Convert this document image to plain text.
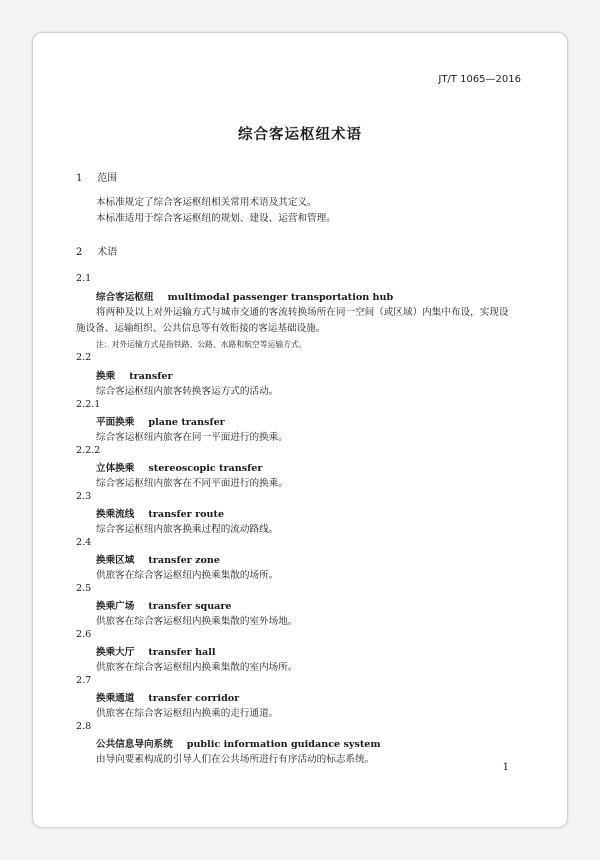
JT/T 1065—2016
综合客运枢纽术语
1 范围
本标准规定了综合客运枢纽相关常用术语及其定义。
本标准适用于综合客运枢纽的规划、建设、运营和管理。
2 术语
2.1
综合客运枢纽 multimodal passenger transportation hub
将两种及以上对外运输方式与城市交通的客流转换场所在同一空间（或区域）内集中布设，实现设
施设备、运输组织、公共信息等有效衔接的客运基础设施。
注：对外运输方式是指铁路、公路、水路和航空等运输方式。
2.2
换乘 transfer
综合客运枢纽内旅客转换客运方式的活动。
2.2.1
平面换乘 plane transfer
综合客运枢纽内旅客在同一平面进行的换乘。
2.2.2
立体换乘 stereoscopic transfer
综合客运枢纽内旅客在不同平面进行的换乘。
2.3
换乘流线 transfer route
综合客运枢纽内旅客换乘过程的流动路线。
2.4
换乘区域 transfer zone
供旅客在综合客运枢纽内换乘集散的场所。
2.5
换乘广场 transfer square
供旅客在综合客运枢纽内换乘集散的室外场地。
2.6
换乘大厅 transfer hall
供旅客在综合客运枢纽内换乘集散的室内场所。
2.7
换乘通道 transfer corridor
供旅客在综合客运枢纽内换乘的走行通道。
2.8
公共信息导向系统 public information guidance system
由导向要素构成的引导人们在公共场所进行有序活动的标志系统。
1
